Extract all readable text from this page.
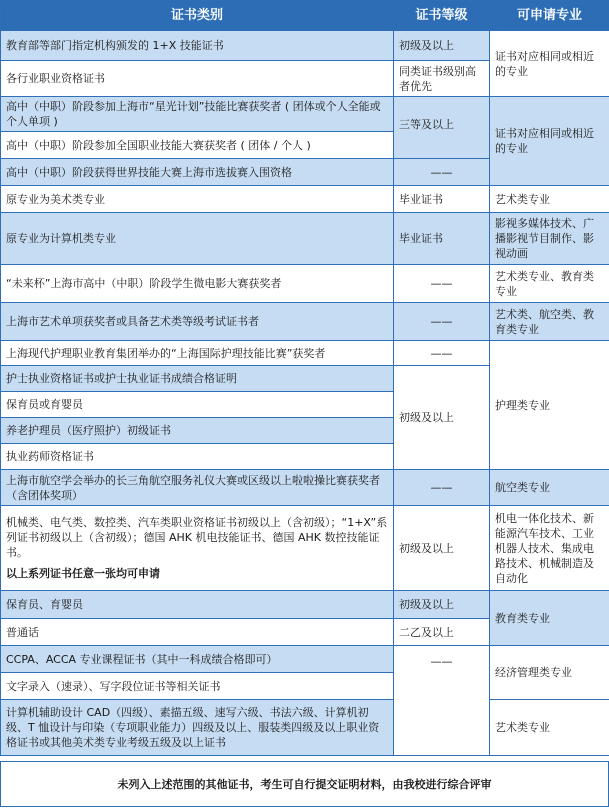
证书类别	证书等级	可申请专业
教育部等部门指定机构颁发的 1+X 技能证书	初级及以上	证书对应相同或相近的专业
各行业职业资格证书	同类证书级别高者优先	
高中（中职）阶段参加上海市“星光计划”技能比赛获奖者 ( 团体或个人全能或个人单项 )	三等及以上	证书对应相同或相近的专业
高中（中职）阶段参加全国职业技能大赛获奖者 ( 团体 / 个人 )		
高中（中职）阶段获得世界技能大赛上海市选拔赛入围资格	——	
原专业为美术类专业	毕业证书	艺术类专业
原专业为计算机类专业	毕业证书	影视多媒体技术、广播影视节目制作、影视动画
“未来杯”上海市高中（中职）阶段学生微电影大赛获奖者	——	艺术类专业、教育类专业
上海市艺术单项获奖者或具备艺术类等级考试证书者	——	艺术类、航空类、教育类专业
上海现代护理职业教育集团举办的“上海国际护理技能比赛”获奖者	——	护理类专业
护士执业资格证书或护士执业证书成绩合格证明	初级及以上	
保育员或育婴员		
养老护理员（医疗照护）初级证书		
执业药师资格证书		
上海市航空学会举办的长三角航空服务礼仪大赛或区级以上啦啦操比赛获奖者（含团体奖项）	——	航空类专业

机械类、电气类、数控类、汽车类职业资格证书初级以上（含初级）；“1+X”系列证书初级以上（含初级）；德国 AHK 机电技能证书、德国 AHK 数控技能证书。
以上系列证书任意一张均可申请	初级及以上	机电一体化技术、新能源汽车技术、工业机器人技术、集成电路技术、机械制造及自动化
保育员、育婴员	初级及以上	教育类专业
普通话	二乙及以上	
CCPA、ACCA 专业课程证书（其中一科成绩合格即可）	——	经济管理类专业
文字录入（速录）、写字段位证书等相关证书		
计算机辅助设计 CAD（四级）、素描五级、速写六级、书法六级、计算机初级、T 恤设计与印染（专项职业能力）四级及以上、服装类四级及以上职业资格证书或其他美术类专业考级五级及以上证书		艺术类专业
未列入上述范围的其他证书，考生可自行提交证明材料，由我校进行综合评审
